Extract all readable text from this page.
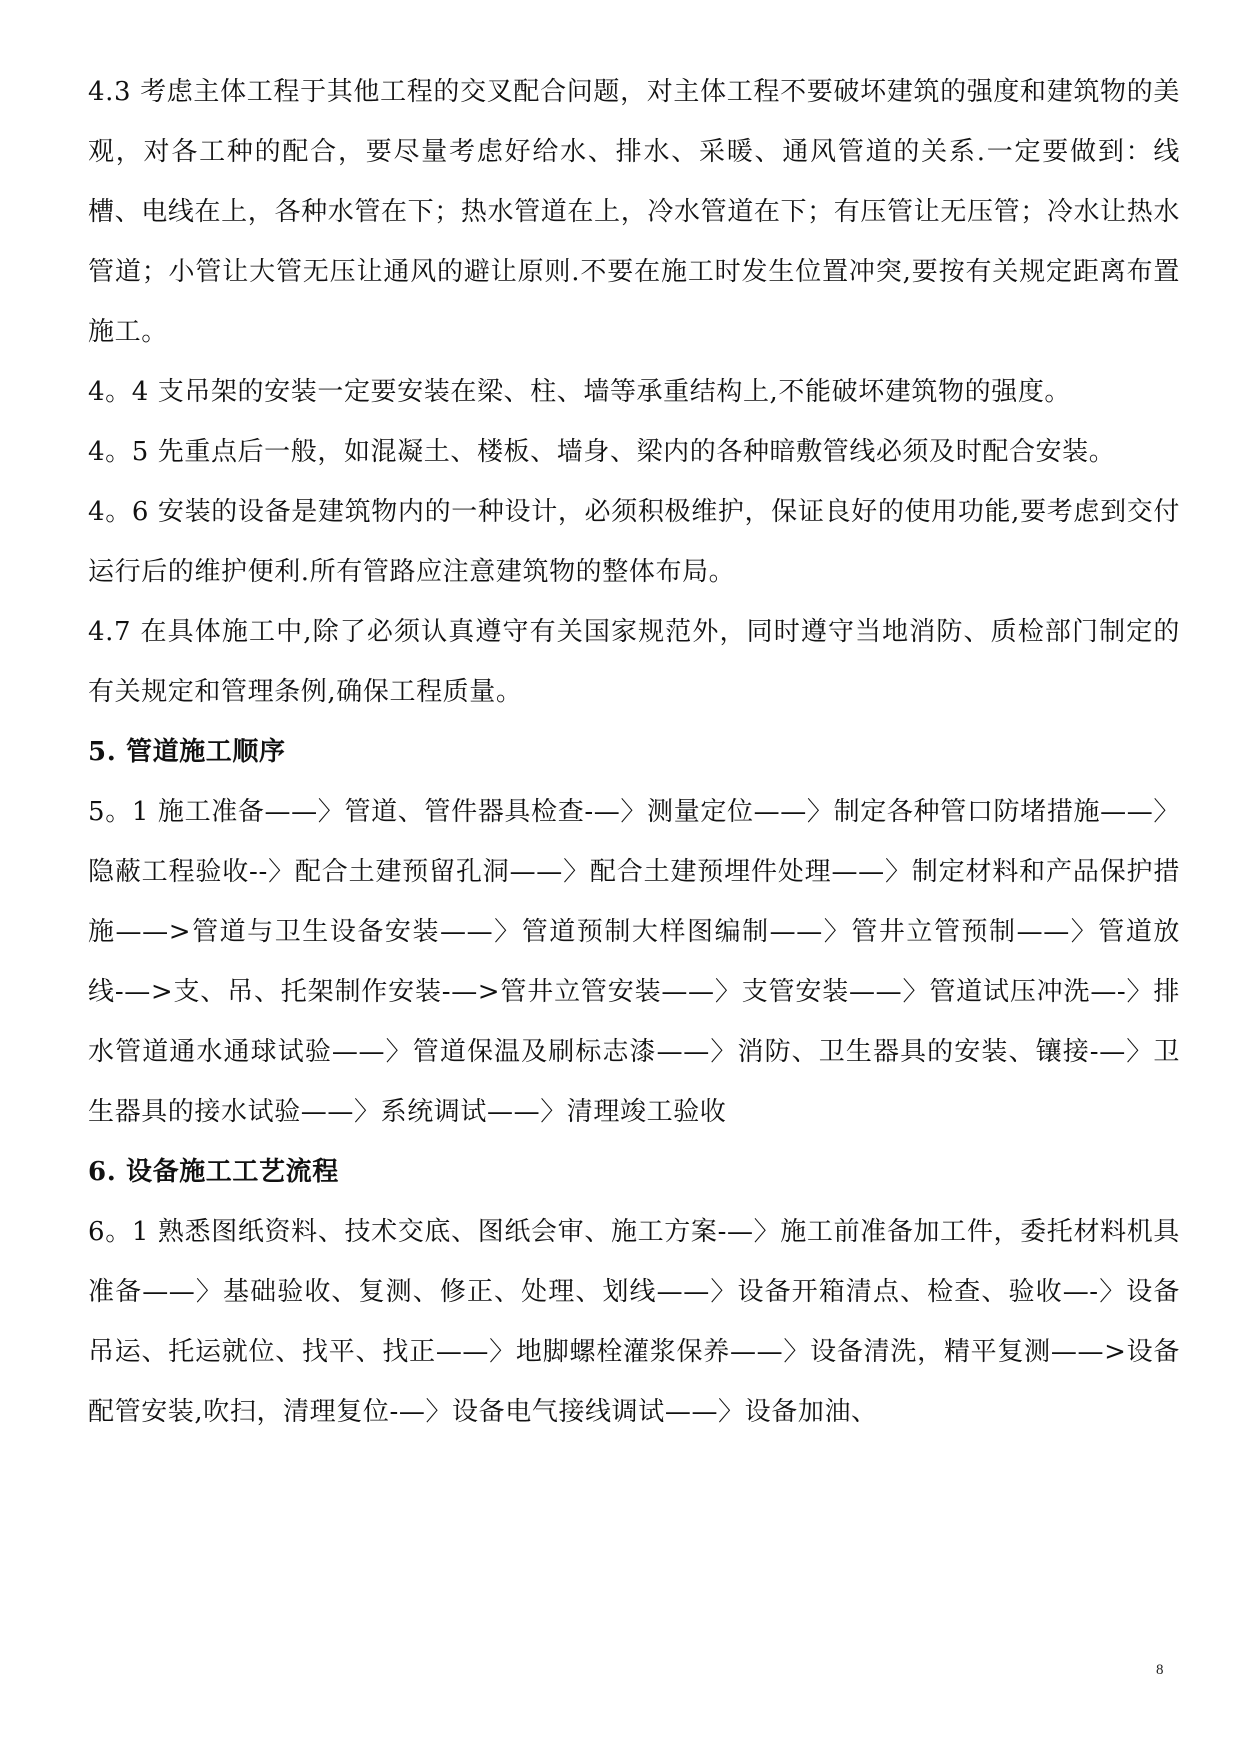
4.3 考虑主体工程于其他工程的交叉配合问题，对主体工程不要破坏建筑的强度和建筑物的美观，对各工种的配合，要尽量考虑好给水、排水、采暖、通风管道的关系.一定要做到：线槽、电线在上，各种水管在下；热水管道在上，冷水管道在下；有压管让无压管；冷水让热水管道；小管让大管无压让通风的避让原则.不要在施工时发生位置冲突,要按有关规定距离布置施工。

4。4 支吊架的安装一定要安装在梁、柱、墙等承重结构上,不能破坏建筑物的强度。

4。5 先重点后一般，如混凝土、楼板、墙身、梁内的各种暗敷管线必须及时配合安装。

4。6 安装的设备是建筑物内的一种设计，必须积极维护，保证良好的使用功能,要考虑到交付运行后的维护便利.所有管路应注意建筑物的整体布局。

4.7 在具体施工中,除了必须认真遵守有关国家规范外，同时遵守当地消防、质检部门制定的有关规定和管理条例,确保工程质量。

5. 管道施工顺序

5。1 施工准备——〉管道、管件器具检查-—〉测量定位——〉制定各种管口防堵措施——〉隐蔽工程验收--〉配合土建预留孔洞——〉配合土建预埋件处理——〉制定材料和产品保护措施——>管道与卫生设备安装——〉管道预制大样图编制——〉管井立管预制——〉管道放线-—>支、吊、托架制作安装-—>管井立管安装——〉支管安装——〉管道试压冲洗—-〉排水管道通水通球试验——〉管道保温及刷标志漆——〉消防、卫生器具的安装、镶接-—〉卫生器具的接水试验——〉系统调试——〉清理竣工验收

6. 设备施工工艺流程

6。1 熟悉图纸资料、技术交底、图纸会审、施工方案-—〉施工前准备加工件，委托材料机具准备——〉基础验收、复测、修正、处理、划线——〉设备开箱清点、检查、验收—-〉设备吊运、托运就位、找平、找正——〉地脚螺栓灌浆保养——〉设备清洗，精平复测——>设备配管安装,吹扫，清理复位-—〉设备电气接线调试——〉设备加油、

8
